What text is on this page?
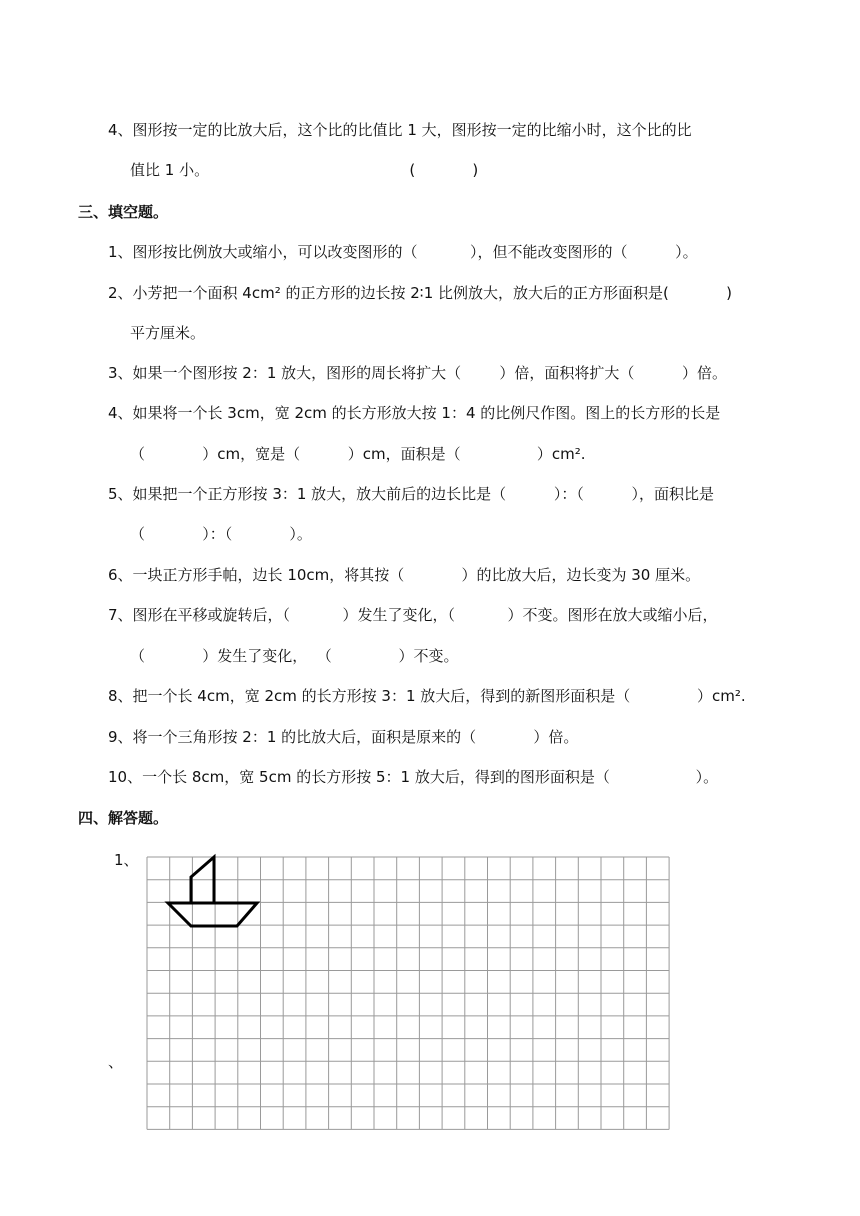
4、图形按一定的比放大后，这个比的比值比 1 大，图形按一定的比缩小时，这个比的比
值比 1 小。                                          (            )
三、填空题。
1、图形按比例放大或缩小，可以改变图形的（           ），但不能改变图形的（          ）。
2、小芳把一个面积 4cm² 的正方形的边长按 2∶1 比例放大，放大后的正方形面积是(            )
平方厘米。
3、如果一个图形按 2：1 放大，图形的周长将扩大（        ）倍，面积将扩大（          ）倍。
4、如果将一个长 3cm，宽 2cm 的长方形放大按 1：4 的比例尺作图。图上的长方形的长是
（            ）cm，宽是（          ）cm，面积是（                ）cm².
5、如果把一个正方形按 3：1 放大，放大前后的边长比是（          ）：（          ），面积比是
（            ）：（            ）。
6、一块正方形手帕，边长 10cm，将其按（            ）的比放大后，边长变为 30 厘米。
7、图形在平移或旋转后，（           ）发生了变化，（           ）不变。图形在放大或缩小后，
（            ）发生了变化，  （              ）不变。
8、把一个长 4cm，宽 2cm 的长方形按 3：1 放大后，得到的新图形面积是（              ）cm².
9、将一个三角形按 2：1 的比放大后，面积是原来的（            ）倍。
10、一个长 8cm，宽 5cm 的长方形按 5：1 放大后，得到的图形面积是（                  ）。
四、解答题。
1、
、
